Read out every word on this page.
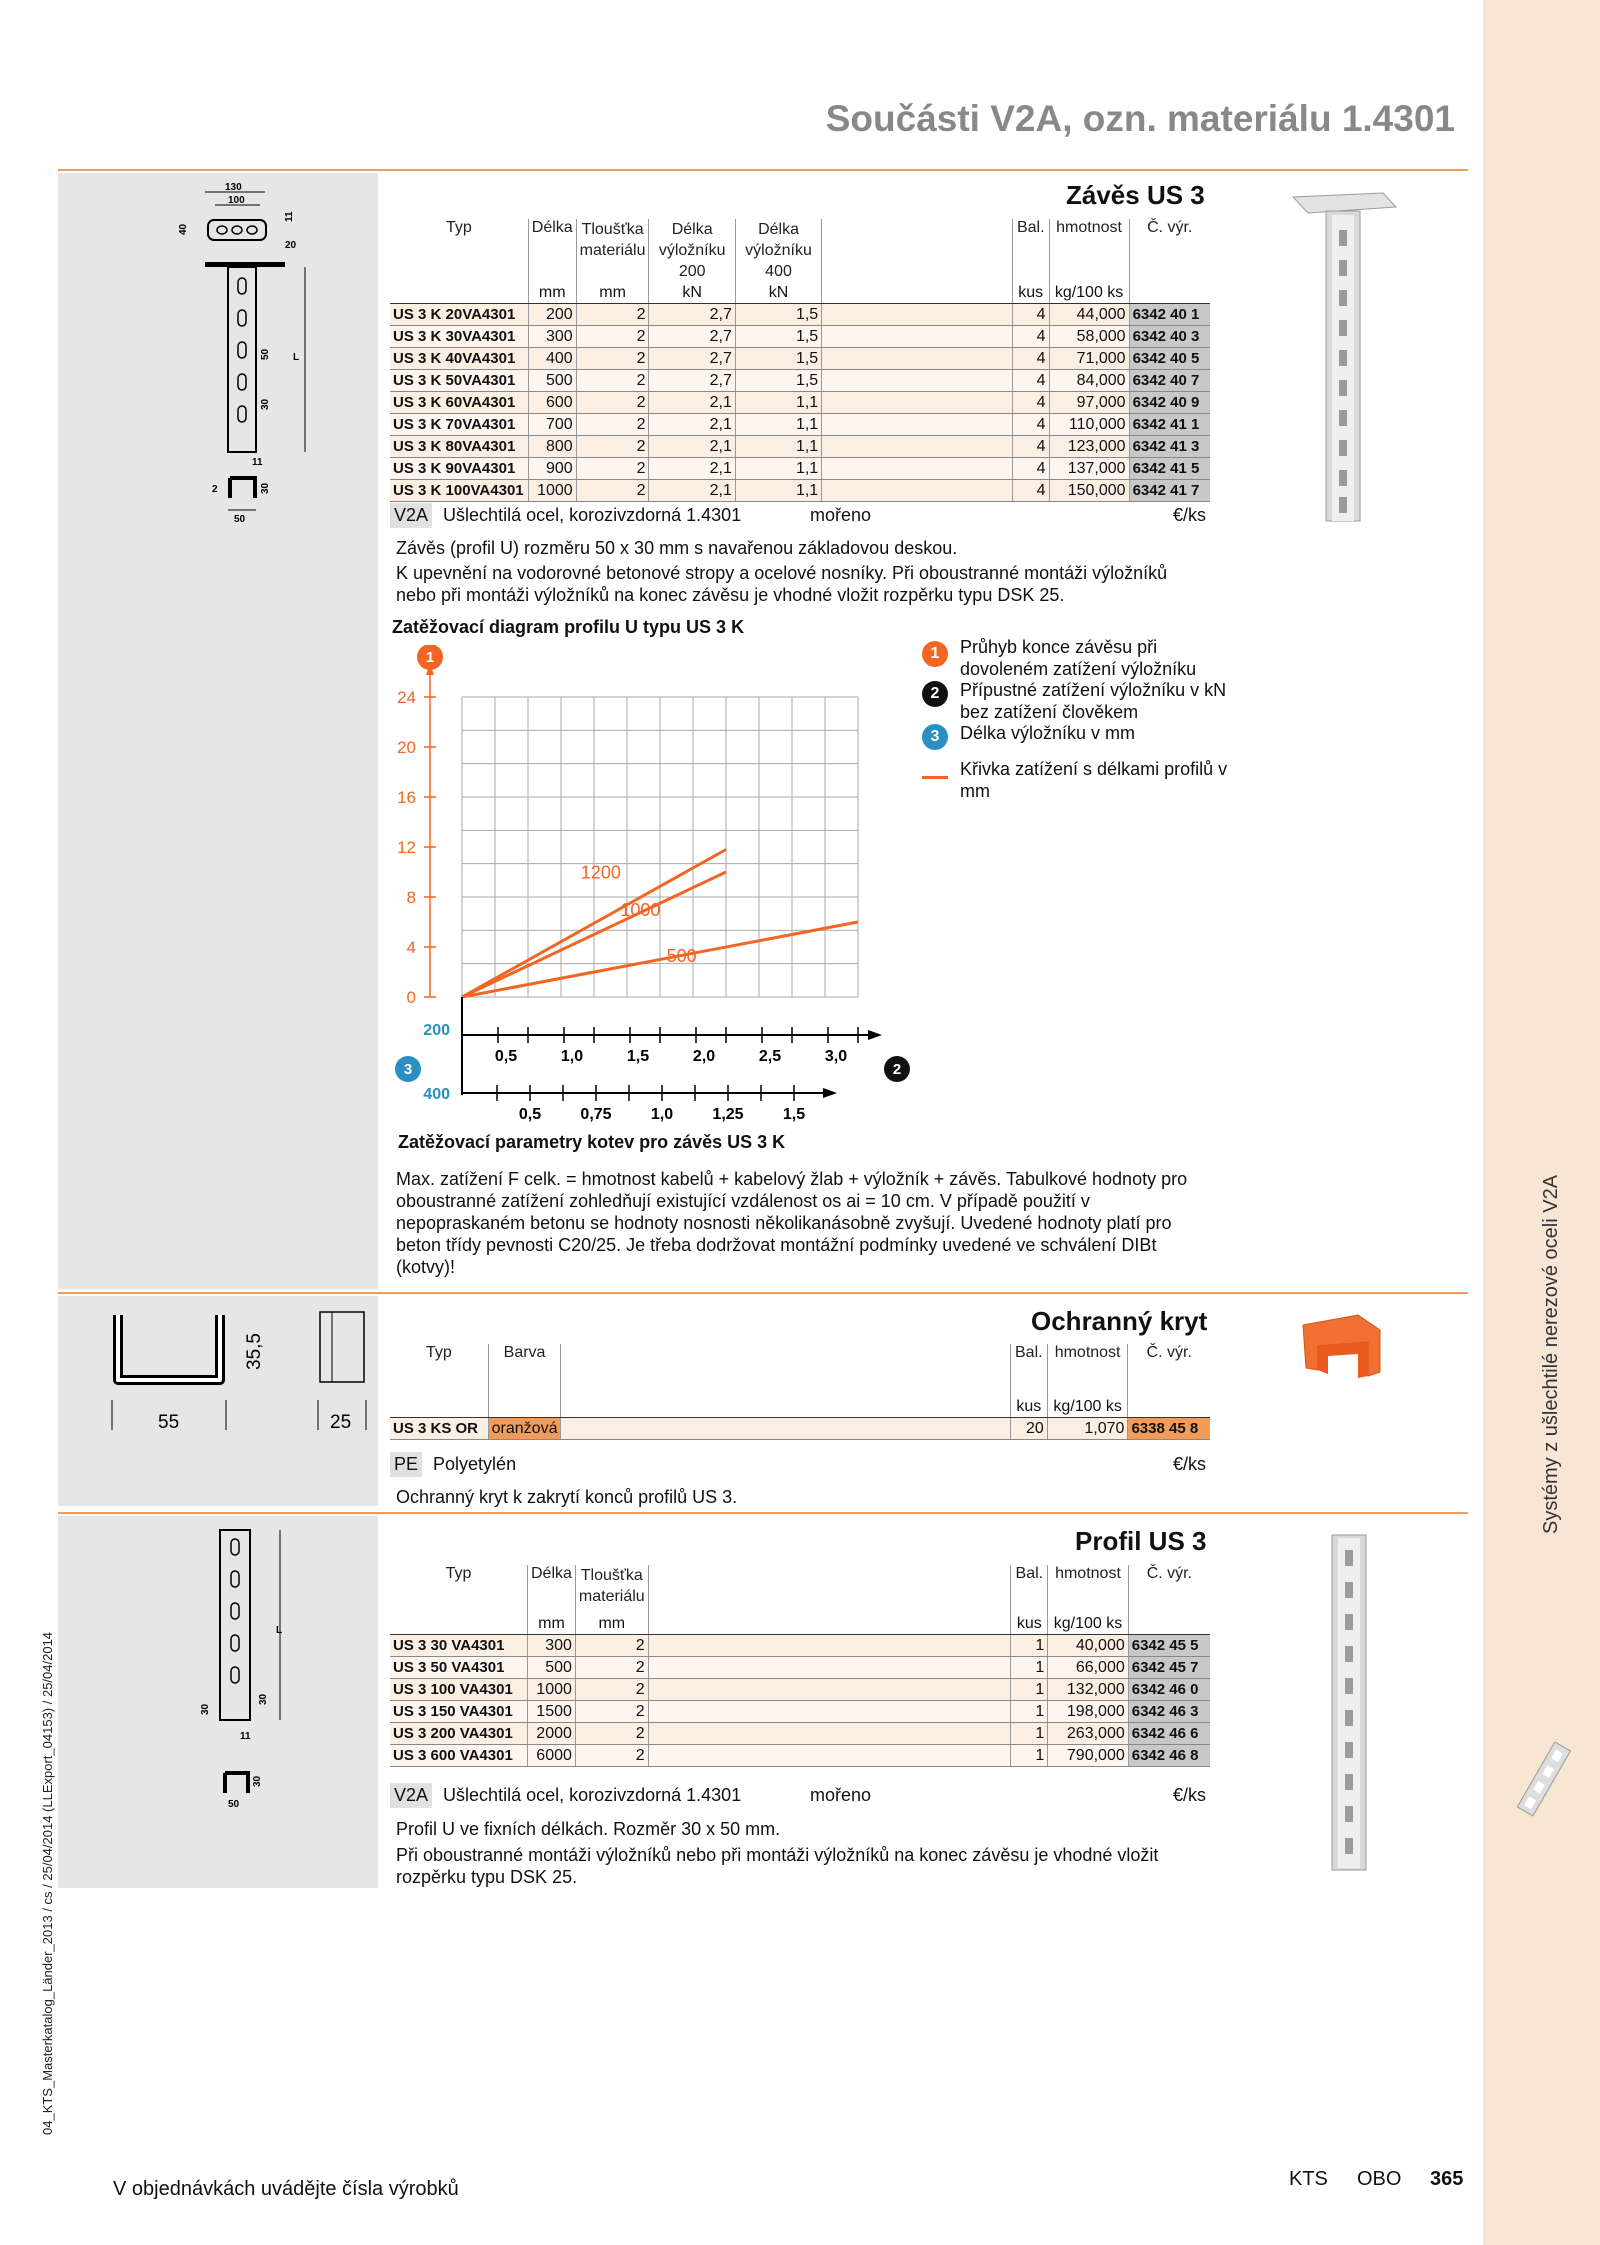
Systémy z ušlechtilé nerezové oceli V2A
04_KTS_Masterkatalog_Länder_2013 / cs / 25/04/2014 (LLExport_04153) / 25/04/2014
Součásti V2A, ozn. materiálu 1.4301
130
100
40
11
20
L
50
30
11
2	30
50
Závěs US 3
Typ	Délka	Tloušťka materiálu	Délka výložníku 200	Délka výložníku 400		Bal.	hmotnost	Č. výr.
	mm	mm	kN	kN		kus	kg/100 ks	
US 3 K 20VA4301	200	2	2,7	1,5		4	44,000	6342 40 1
US 3 K 30VA4301	300	2	2,7	1,5		4	58,000	6342 40 3
US 3 K 40VA4301	400	2	2,7	1,5		4	71,000	6342 40 5
US 3 K 50VA4301	500	2	2,7	1,5		4	84,000	6342 40 7
US 3 K 60VA4301	600	2	2,1	1,1		4	97,000	6342 40 9
US 3 K 70VA4301	700	2	2,1	1,1		4	110,000	6342 41 1
US 3 K 80VA4301	800	2	2,1	1,1		4	123,000	6342 41 3
US 3 K 90VA4301	900	2	2,1	1,1		4	137,000	6342 41 5
US 3 K 100VA4301	1000	2	2,1	1,1		4	150,000	6342 41 7
V2A Ušlechtilá ocel, korozivzdorná 1.4301	mořeno	€/ks
Závěs (profil U) rozměru 50 x 30 mm s navařenou základovou deskou.
K upevnění na vodorovné betonové stropy a ocelové nosníky. Při oboustranné montáži výložníků nebo při montáži výložníků na konec závěsu je vhodné vložit rozpěrku typu DSK 25.
Zatěžovací diagram profilu U typu US 3 K
1
0
4
8
12
16
20
24
1200
1000
500
0,5	1,0	1,5	2,0	2,5	3,0
200
2
0,5 0,75 1,0 1,25 1,5
400
3
1	Průhyb konce závěsu při dovoleném zatížení výložníku
2	Přípustné zatížení výložníku v kN bez zatížení člověkem
3	Délka výložníku v mm
Křivka zatížení s délkami profilů v mm
Zatěžovací parametry kotev pro závěs US 3 K
Max. zatížení F celk. = hmotnost kabelů + kabelový žlab + výložník + závěs. Tabulkové hodnoty pro oboustranné zatížení zohledňují existující vzdálenost os ai = 10 cm. V případě použití v nepopraskaném betonu se hodnoty nosnosti několikanásobně zvyšují. Uvedené hodnoty platí pro beton třídy pevnosti C20/25. Je třeba dodržovat montážní podmínky uvedené ve schválení DIBt (kotvy)!
35,5
55	25
Ochranný kryt
Typ	Barva		Bal.	hmotnost	Č. výr.
			kus	kg/100 ks	
US 3 KS OR	oranžová		20	1,070	6338 45 8
PE Polyetylén	€/ks
Ochranný kryt k zakrytí konců profilů US 3.
L
30
30
11
30
50
Profil US 3
Typ	Délka	Tloušťka materiálu		Bal.	hmotnost	Č. výr.
	mm	mm		kus	kg/100 ks	
US 3 30 VA4301	300	2		1	40,000	6342 45 5
US 3 50 VA4301	500	2		1	66,000	6342 45 7
US 3 100 VA4301	1000	2		1	132,000	6342 46 0
US 3 150 VA4301	1500	2		1	198,000	6342 46 3
US 3 200 VA4301	2000	2		1	263,000	6342 46 6
US 3 600 VA4301	6000	2		1	790,000	6342 46 8
V2A Ušlechtilá ocel, korozivzdorná 1.4301	mořeno	€/ks
Profil U ve fixních délkách. Rozměr 30 x 50 mm.
Při oboustranné montáži výložníků nebo při montáži výložníků na konec závěsu je vhodné vložit rozpěrku typu DSK 25.
V objednávkách uvádějte čísla výrobků	KTS OBO 365
